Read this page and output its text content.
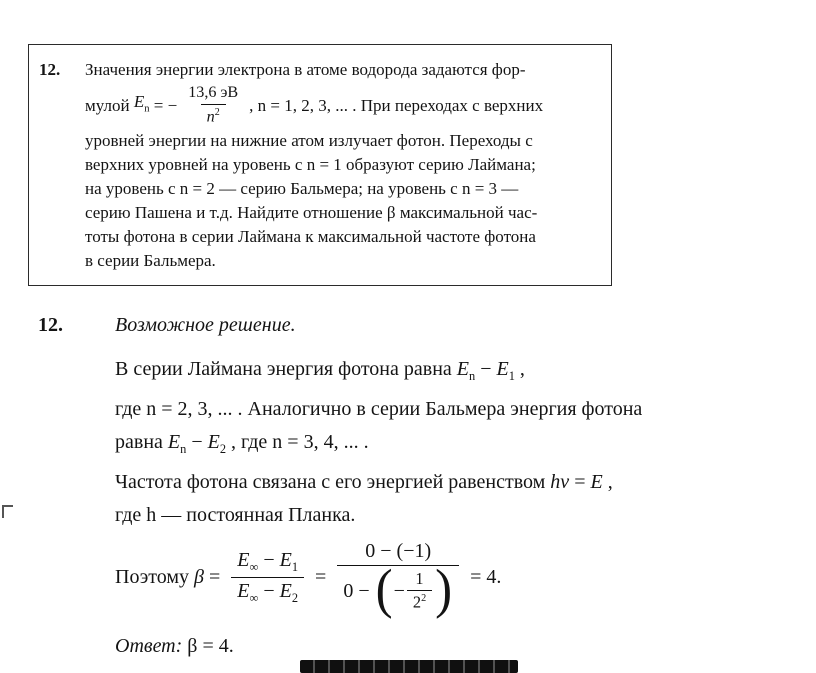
12.	Значения энергии электрона в атоме водорода задаются фор-
мулой $E_n$ = − $\frac{13,6 эВ}{n^2}$ , n = 1, 2, 3, ... . При переходах с верхних
уровней энергии на нижние атом излучает фотон. Переходы с
верхних уровней на уровень с n = 1 образуют серию Лаймана;
на уровень с n = 2 — серию Бальмера; на уровень с n = 3 —
серию Пашена и т.д. Найдите отношение β максимальной час-
тоты фотона в серии Лаймана к максимальной частоте фотона
в серии Бальмера.
12.	Возможное решение.
В серии Лаймана энергия фотона равна $E_n - E_1$ ,
где n = 2, 3, ... . Аналогично в серии Бальмера энергия фотона
равна $E_n - E_2$ , где n = 3, 4, ... .
Частота фотона связана с его энергией равенством hν = E ,
где h — постоянная Планка.
Поэтому $\beta = \frac{E_\infty - E_1}{E_\infty - E_2}$ =
0 − (−1)
0 − ( − $\frac{1}{2^2}$ ) = 4.
Ответ: β = 4.
